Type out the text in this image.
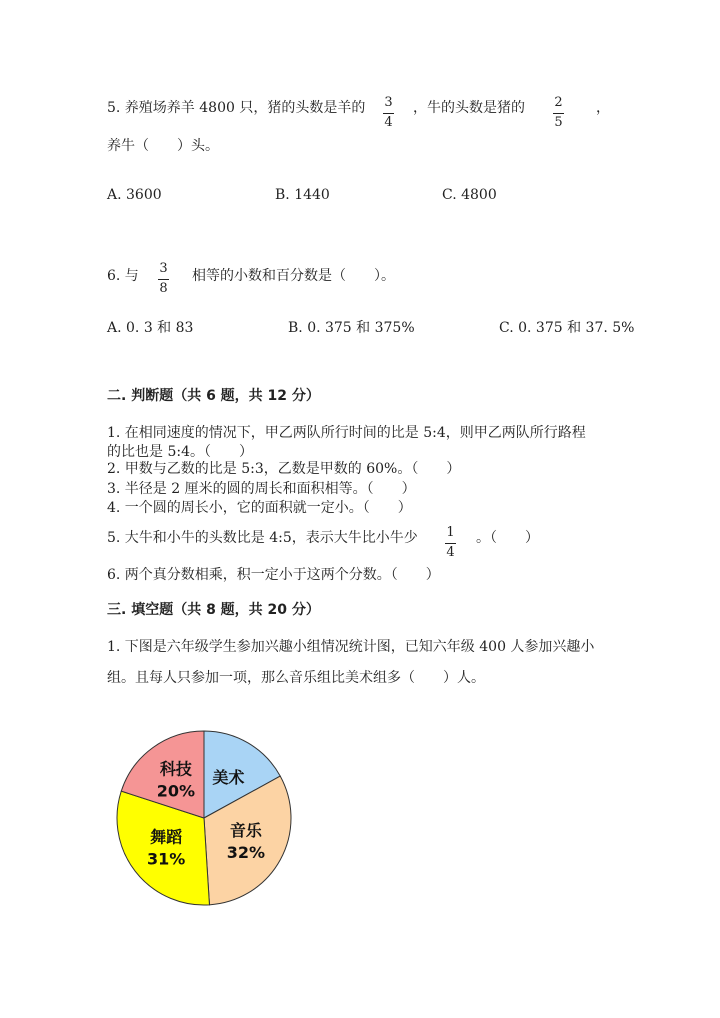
5. 养殖场养羊 4800 只，猪的头数是羊的 3
4
，牛的头数是猪的 2
5
，
养牛（　　）头。
A. 3600	B. 1440	C. 4800
6. 与 3
8
相等的小数和百分数是（　　）。
A. 0. 3 和 83	B. 0. 375 和 375%	C. 0. 375 和 37. 5%
二. 判断题（共 6 题，共 12 分）
1. 在相同速度的情况下，甲乙两队所行时间的比是 5:4，则甲乙两队所行路程
的比也是 5:4。（　　）
2. 甲数与乙数的比是 5:3，乙数是甲数的 60%。（　　）
3. 半径是 2 厘米的圆的周长和面积相等。（　　）
4. 一个圆的周长小，它的面积就一定小。（　　）
5. 大牛和小牛的头数比是 4:5，表示大牛比小牛少 1
4
。（　　）
6. 两个真分数相乘，积一定小于这两个分数。（　　）
三. 填空题（共 8 题，共 20 分）
1. 下图是六年级学生参加兴趣小组情况统计图，已知六年级 400 人参加兴趣小
组。且每人只参加一项，那么音乐组比美术组多（　　）人。
美术
音乐
32%
舞蹈
31%
科技
20%
